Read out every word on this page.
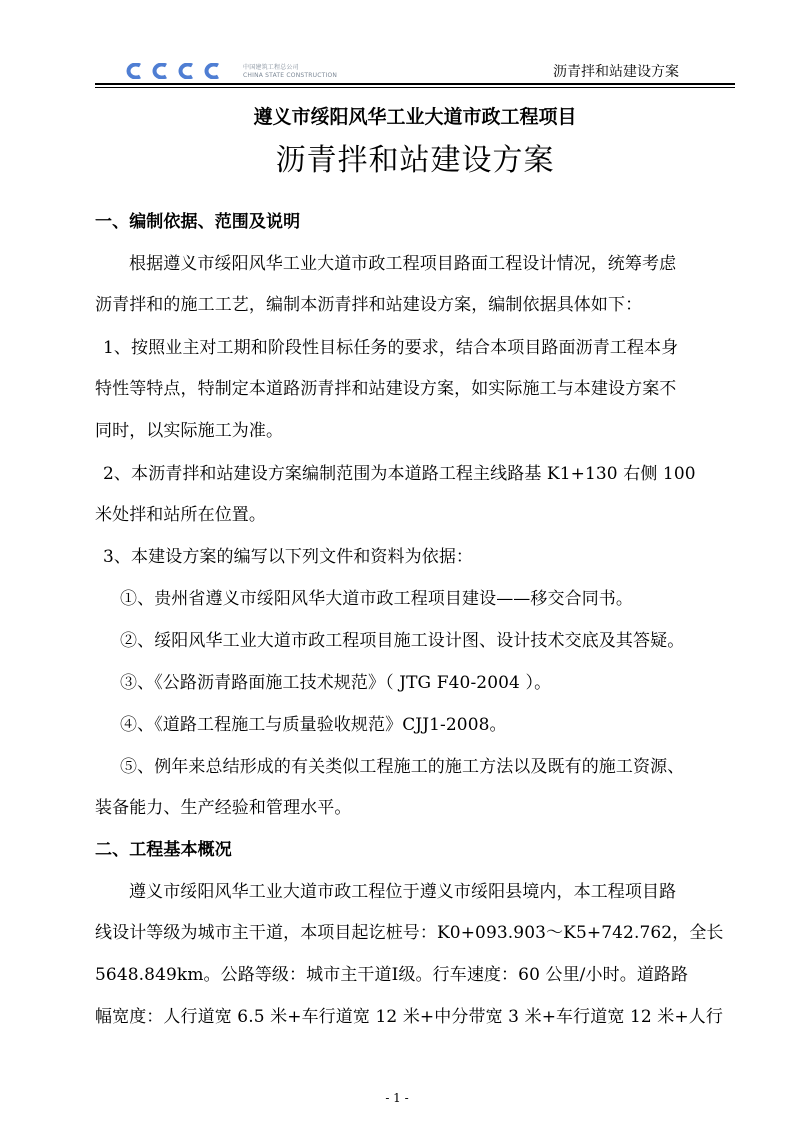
中国建筑工程总公司
CHINA STATE CONSTRUCTION	沥青拌和站建设方案
遵义市绥阳风华工业大道市政工程项目
沥青拌和站建设方案
一、编制依据、范围及说明
根据遵义市绥阳风华工业大道市政工程项目路面工程设计情况，统筹考虑
沥青拌和的施工工艺，编制本沥青拌和站建设方案，编制依据具体如下：
1、按照业主对工期和阶段性目标任务的要求，结合本项目路面沥青工程本身
特性等特点，特制定本道路沥青拌和站建设方案，如实际施工与本建设方案不
同时，以实际施工为准。
2、本沥青拌和站建设方案编制范围为本道路工程主线路基 K1+130 右侧 100
米处拌和站所在位置。
3、本建设方案的编写以下列文件和资料为依据：
①、贵州省遵义市绥阳风华大道市政工程项目建设——移交合同书。
②、绥阳风华工业大道市政工程项目施工设计图、设计技术交底及其答疑。
③、《公路沥青路面施工技术规范》（ JTG F40-2004 ）。
④、《道路工程施工与质量验收规范》CJJ1-2008。
⑤、例年来总结形成的有关类似工程施工的施工方法以及既有的施工资源、
装备能力、生产经验和管理水平。
二、工程基本概况
遵义市绥阳风华工业大道市政工程位于遵义市绥阳县境内，本工程项目路
线设计等级为城市主干道，本项目起讫桩号：K0+093.903～K5+742.762，全长
5648.849km。公路等级：城市主干道Ⅰ级。行车速度：60 公里/小时。道路路
幅宽度：人行道宽 6.5 米+车行道宽 12 米+中分带宽 3 米+车行道宽 12 米+人行
- 1 -
